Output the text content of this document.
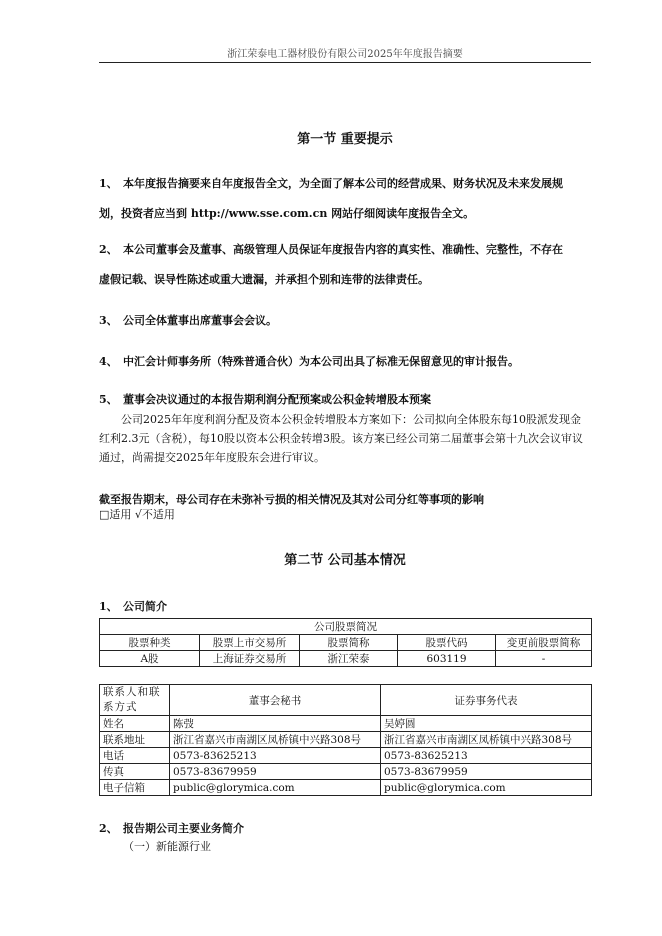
浙江荣泰电工器材股份有限公司2025年年度报告摘要
第一节 重要提示
1、 本年度报告摘要来自年度报告全文，为全面了解本公司的经营成果、财务状况及未来发展规
划，投资者应当到 http://www.sse.com.cn 网站仔细阅读年度报告全文。
2、 本公司董事会及董事、高级管理人员保证年度报告内容的真实性、准确性、完整性，不存在
虚假记载、误导性陈述或重大遗漏，并承担个别和连带的法律责任。
3、 公司全体董事出席董事会会议。
4、 中汇会计师事务所（特殊普通合伙）为本公司出具了标准无保留意见的审计报告。
5、 董事会决议通过的本报告期利润分配预案或公积金转增股本预案
公司2025年年度利润分配及资本公积金转增股本方案如下：公司拟向全体股东每10股派发现金红利2.3元（含税），每10股以资本公积金转增3股。该方案已经公司第二届董事会第十九次会议审议通过，尚需提交2025年年度股东会进行审议。
截至报告期末，母公司存在未弥补亏损的相关情况及其对公司分红等事项的影响
□适用 √不适用
第二节 公司基本情况
1、 公司简介
公司股票简况				
股票种类	股票上市交易所	股票简称	股票代码	变更前股票简称
A股	上海证券交易所	浙江荣泰	603119	-
联系人和联系方式	董事会秘书	证券事务代表
姓名	陈弢	吴婷圆
联系地址	浙江省嘉兴市南湖区凤桥镇中兴路308号	浙江省嘉兴市南湖区凤桥镇中兴路308号
电话	0573-83625213	0573-83625213
传真	0573-83679959	0573-83679959
电子信箱	public@glorymica.com	public@glorymica.com
2、 报告期公司主要业务简介
（一）新能源行业
